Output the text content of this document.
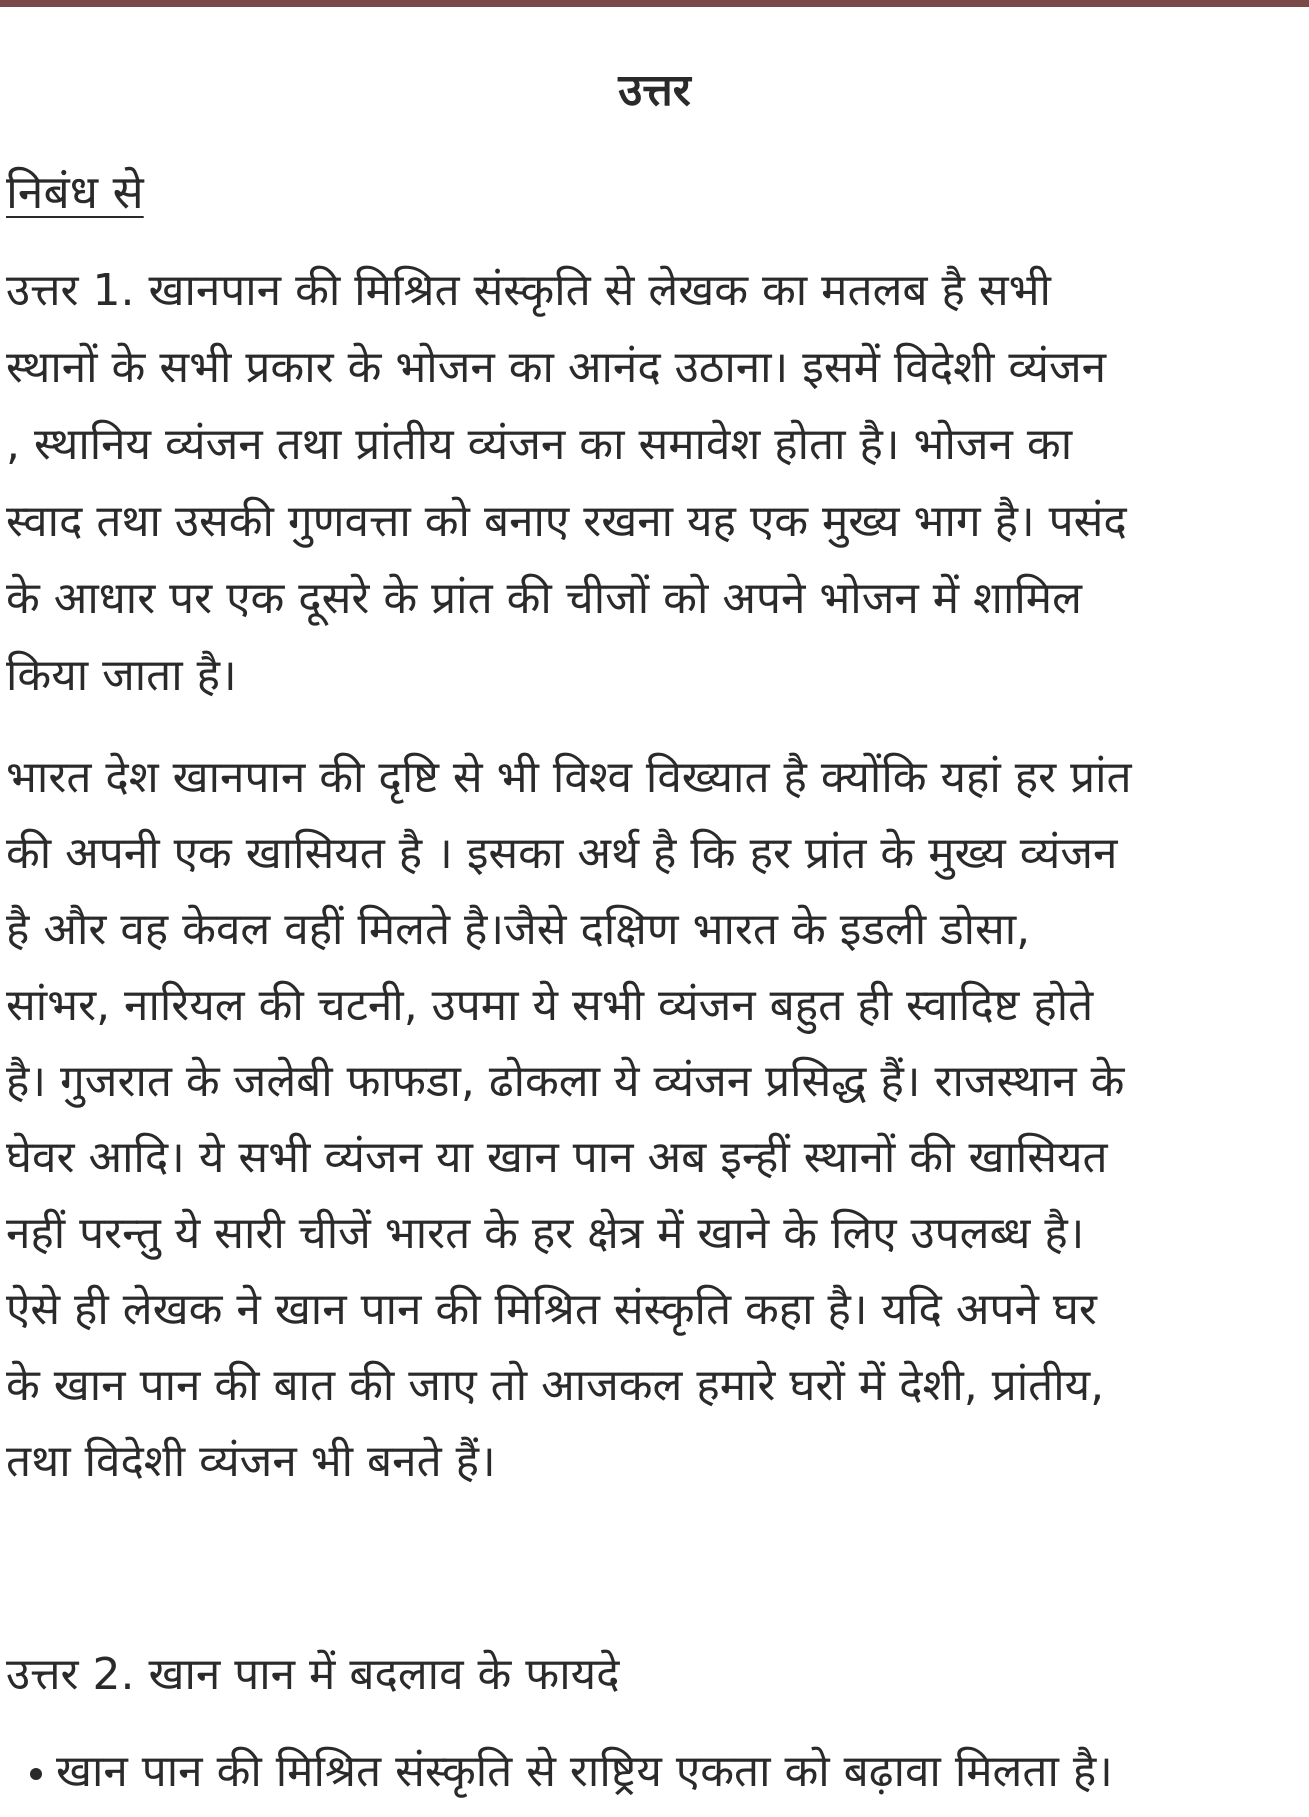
उत्तर
निबंध से
उत्तर 1. खानपान की मिश्रित संस्कृति से लेखक का मतलब है सभी
स्थानों के सभी प्रकार के भोजन का आनंद उठाना। इसमें विदेशी व्यंजन
, स्थानिय व्यंजन तथा प्रांतीय व्यंजन का समावेश होता है। भोजन का
स्वाद तथा उसकी गुणवत्ता को बनाए रखना यह एक मुख्य भाग है। पसंद
के आधार पर एक दूसरे के प्रांत की चीजों को अपने भोजन में शामिल
किया जाता है।
भारत देश खानपान की दृष्टि से भी विश्व विख्यात है क्योंकि यहां हर प्रांत
की अपनी एक खासियत है । इसका अर्थ है कि हर प्रांत के मुख्य व्यंजन
है और वह केवल वहीं मिलते है।जैसे दक्षिण भारत के इडली डोसा,
सांभर, नारियल की चटनी, उपमा ये सभी व्यंजन बहुत ही स्वादिष्ट होते
है। गुजरात के जलेबी फाफडा, ढोकला ये व्यंजन प्रसिद्ध हैं। राजस्थान के
घेवर आदि। ये सभी व्यंजन या खान पान अब इन्हीं स्थानों की खासियत
नहीं परन्तु ये सारी चीजें भारत के हर क्षेत्र में खाने के लिए उपलब्ध है।
ऐसे ही लेखक ने खान पान की मिश्रित संस्कृति कहा है। यदि अपने घर
के खान पान की बात की जाए तो आजकल हमारे घरों में देशी, प्रांतीय,
तथा विदेशी व्यंजन भी बनते हैं।
उत्तर 2. खान पान में बदलाव के फायदे
खान पान की मिश्रित संस्कृति से राष्ट्रिय एकता को बढ़ावा मिलता है।
